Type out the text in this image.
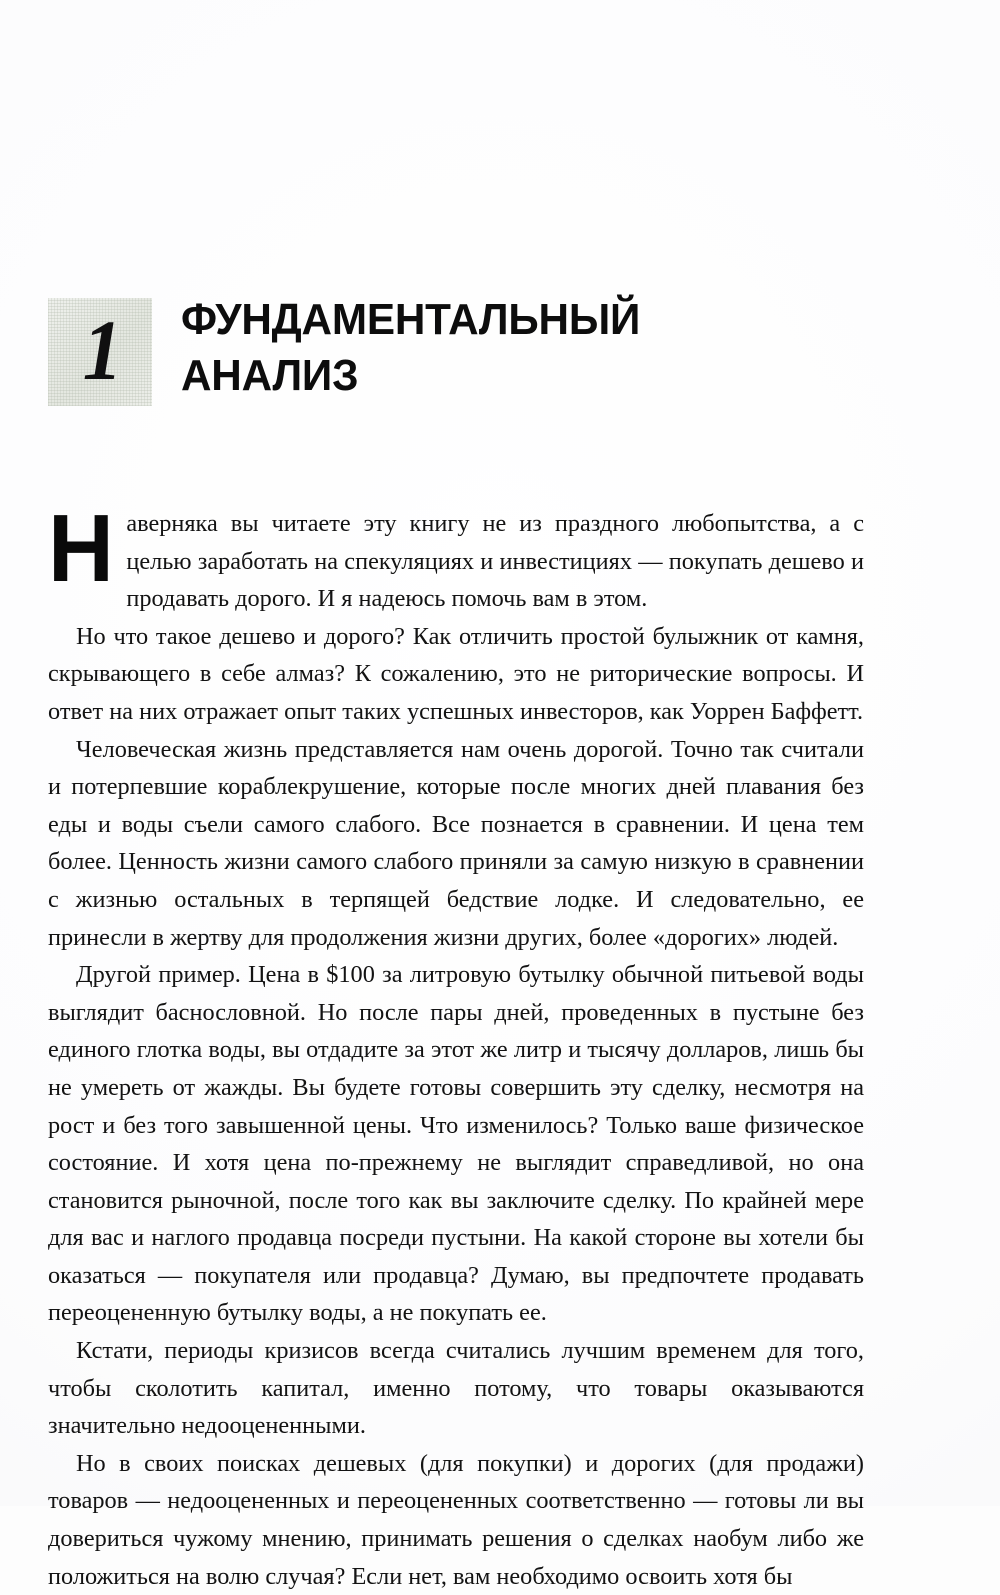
1 ФУНДАМЕНТАЛЬНЫЙ
АНАЛИЗ

Наверняка вы читаете эту книгу не из праздного любопытства, а с целью заработать на спекуляциях и инвестициях — покупать дешево и продавать дорого. И я надеюсь помочь вам в этом.

Но что такое дешево и дорого? Как отличить простой булыжник от камня, скрывающего в себе алмаз? К сожалению, это не риторические вопросы. И ответ на них отражает опыт таких успешных инвесторов, как Уоррен Баффетт.

Человеческая жизнь представляется нам очень дорогой. Точно так считали и потерпевшие кораблекрушение, которые после многих дней плавания без еды и воды съели самого слабого. Все познается в сравнении. И цена тем более. Ценность жизни самого слабого приняли за самую низкую в сравнении с жизнью остальных в терпящей бедствие лодке. И следовательно, ее принесли в жертву для продолжения жизни других, более «дорогих» людей.

Другой пример. Цена в $100 за литровую бутылку обычной питьевой воды выглядит баснословной. Но после пары дней, проведенных в пустыне без единого глотка воды, вы отдадите за этот же литр и тысячу долларов, лишь бы не умереть от жажды. Вы будете готовы совершить эту сделку, несмотря на рост и без того завышенной цены. Что изменилось? Только ваше физическое состояние. И хотя цена по-прежнему не выглядит справедливой, но она становится рыночной, после того как вы заключите сделку. По крайней мере для вас и наглого продавца посреди пустыни. На какой стороне вы хотели бы оказаться — покупателя или продавца? Думаю, вы предпочтете продавать переоцененную бутылку воды, а не покупать ее.

Кстати, периоды кризисов всегда считались лучшим временем для того, чтобы сколотить капитал, именно потому, что товары оказываются значительно недооцененными.

Но в своих поисках дешевых (для покупки) и дорогих (для продажи) товаров — недооцененных и переоцененных соответственно — готовы ли вы довериться чужому мнению, принимать решения о сделках наобум либо же положиться на волю случая? Если нет, вам необходимо освоить хотя бы
